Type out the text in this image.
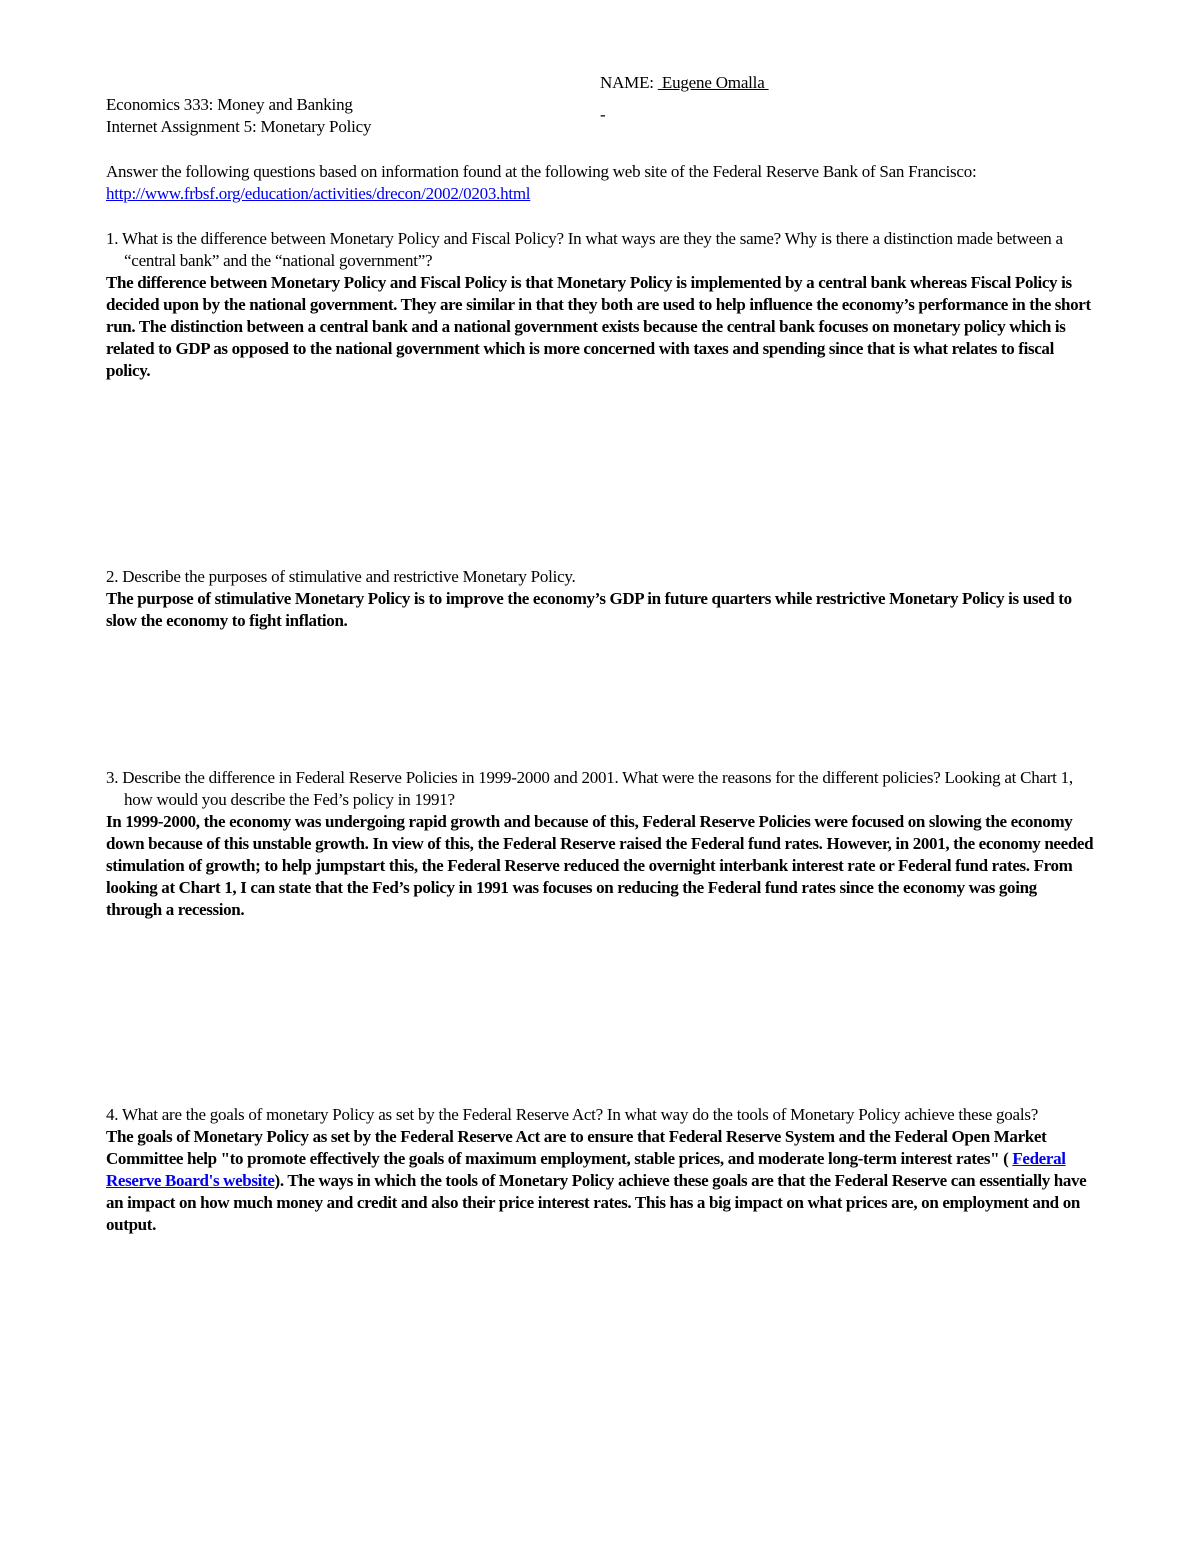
NAME:  Eugene Omalla
-
Economics 333: Money and Banking
Internet Assignment 5: Monetary Policy
Answer the following questions based on information found at the following web site of the Federal Reserve Bank of San Francisco: http://www.frbsf.org/education/activities/drecon/2002/0203.html
1. What is the difference between Monetary Policy and Fiscal Policy? In what ways are they the same? Why is there a distinction made between a “central bank” and the “national government”?
The difference between Monetary Policy and Fiscal Policy is that Monetary Policy is implemented by a central bank whereas Fiscal Policy is decided upon by the national government. They are similar in that they both are used to help influence the economy’s performance in the short run. The distinction between a central bank and a national government exists because the central bank focuses on monetary policy which is related to GDP as opposed to the national government which is more concerned with taxes and spending since that is what relates to fiscal policy.
2. Describe the purposes of stimulative and restrictive Monetary Policy.
The purpose of stimulative Monetary Policy is to improve the economy’s GDP in future quarters while restrictive Monetary Policy is used to slow the economy to fight inflation.
3. Describe the difference in Federal Reserve Policies in 1999-2000 and 2001. What were the reasons for the different policies? Looking at Chart 1, how would you describe the Fed’s policy in 1991?
In 1999-2000, the economy was undergoing rapid growth and because of this, Federal Reserve Policies were focused on slowing the economy down because of this unstable growth. In view of this, the Federal Reserve raised the Federal fund rates. However, in 2001, the economy needed stimulation of growth; to help jumpstart this, the Federal Reserve reduced the overnight interbank interest rate or Federal fund rates. From looking at Chart 1, I can state that the Fed’s policy in 1991 was focuses on reducing the Federal fund rates since the economy was going through a recession.
4. What are the goals of monetary Policy as set by the Federal Reserve Act? In what way do the tools of Monetary Policy achieve these goals?
The goals of Monetary Policy as set by the Federal Reserve Act are to ensure that Federal Reserve System and the Federal Open Market Committee help "to promote effectively the goals of maximum employment, stable prices, and moderate long-term interest rates" ( Federal Reserve Board's website). The ways in which the tools of Monetary Policy achieve these goals are that the Federal Reserve can essentially have an impact on how much money and credit and also their price interest rates. This has a big impact on what prices are, on employment and on output.
